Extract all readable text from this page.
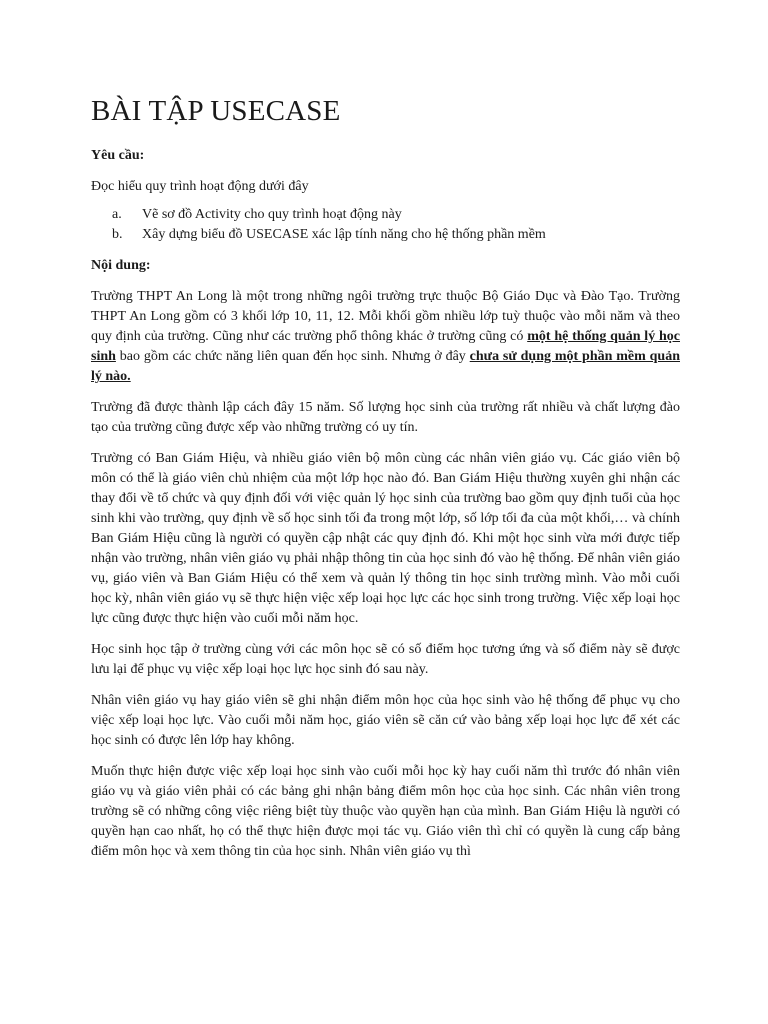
BÀI TẬP USECASE

Yêu cầu:

Đọc hiểu quy trình hoạt động dưới đây

a. Vẽ sơ đồ Activity cho quy trình hoạt động này
b. Xây dựng biểu đồ USECASE xác lập tính năng cho hệ thống phần mềm

Nội dung:

Trường THPT An Long là một trong những ngôi trường trực thuộc Bộ Giáo Dục và Đào Tạo. Trường THPT An Long gồm có 3 khối lớp 10, 11, 12. Mỗi khối gồm nhiều lớp tuỳ thuộc vào mỗi năm và theo quy định của trường. Cũng như các trường phổ thông khác ở trường cũng có một hệ thống quản lý học sinh bao gồm các chức năng liên quan đến học sinh. Nhưng ở đây chưa sử dụng một phần mềm quản lý nào.

Trường đã được thành lập cách đây 15 năm. Số lượng học sinh của trường rất nhiều và chất lượng đào tạo của trường cũng được xếp vào những trường có uy tín.

Trường có Ban Giám Hiệu, và nhiều giáo viên bộ môn cùng các nhân viên giáo vụ. Các giáo viên bộ môn có thể là giáo viên chủ nhiệm của một lớp học nào đó. Ban Giám Hiệu thường xuyên ghi nhận các thay đổi về tổ chức và quy định đối với việc quản lý học sinh của trường bao gồm quy định tuổi của học sinh khi vào trường, quy định về số học sinh tối đa trong một lớp, số lớp tối đa của một khối,… và chính Ban Giám Hiệu cũng là người có quyền cập nhật các quy định đó. Khi một học sinh vừa mới được tiếp nhận vào trường, nhân viên giáo vụ phải nhập thông tin của học sinh đó vào hệ thống. Để nhân viên giáo vụ, giáo viên và Ban Giám Hiệu có thể xem và quản lý thông tin học sinh trường mình. Vào mỗi cuối học kỳ, nhân viên giáo vụ sẽ thực hiện việc xếp loại học lực các học sinh trong trường. Việc xếp loại học lực cũng được thực hiện vào cuối mỗi năm học.

Học sinh học tập ở trường cùng với các môn học sẽ có số điểm học tương ứng và số điểm này sẽ được lưu lại để phục vụ việc xếp loại học lực học sinh đó sau này.

Nhân viên giáo vụ hay giáo viên sẽ ghi nhận điểm môn học của học sinh vào hệ thống để phục vụ cho việc xếp loại học lực. Vào cuối mỗi năm học, giáo viên sẽ căn cứ vào bảng xếp loại học lực để xét các học sinh có được lên lớp hay không.

Muốn thực hiện được việc xếp loại học sinh vào cuối mỗi học kỳ hay cuối năm thì trước đó nhân viên giáo vụ và giáo viên phải có các bảng ghi nhận bảng điểm môn học của học sinh. Các nhân viên trong trường sẽ có những công việc riêng biệt tùy thuộc vào quyền hạn của mình. Ban Giám Hiệu là người có quyền hạn cao nhất, họ có thể thực hiện được mọi tác vụ. Giáo viên thì chỉ có quyền là cung cấp bảng điểm môn học và xem thông tin của học sinh. Nhân viên giáo vụ thì
